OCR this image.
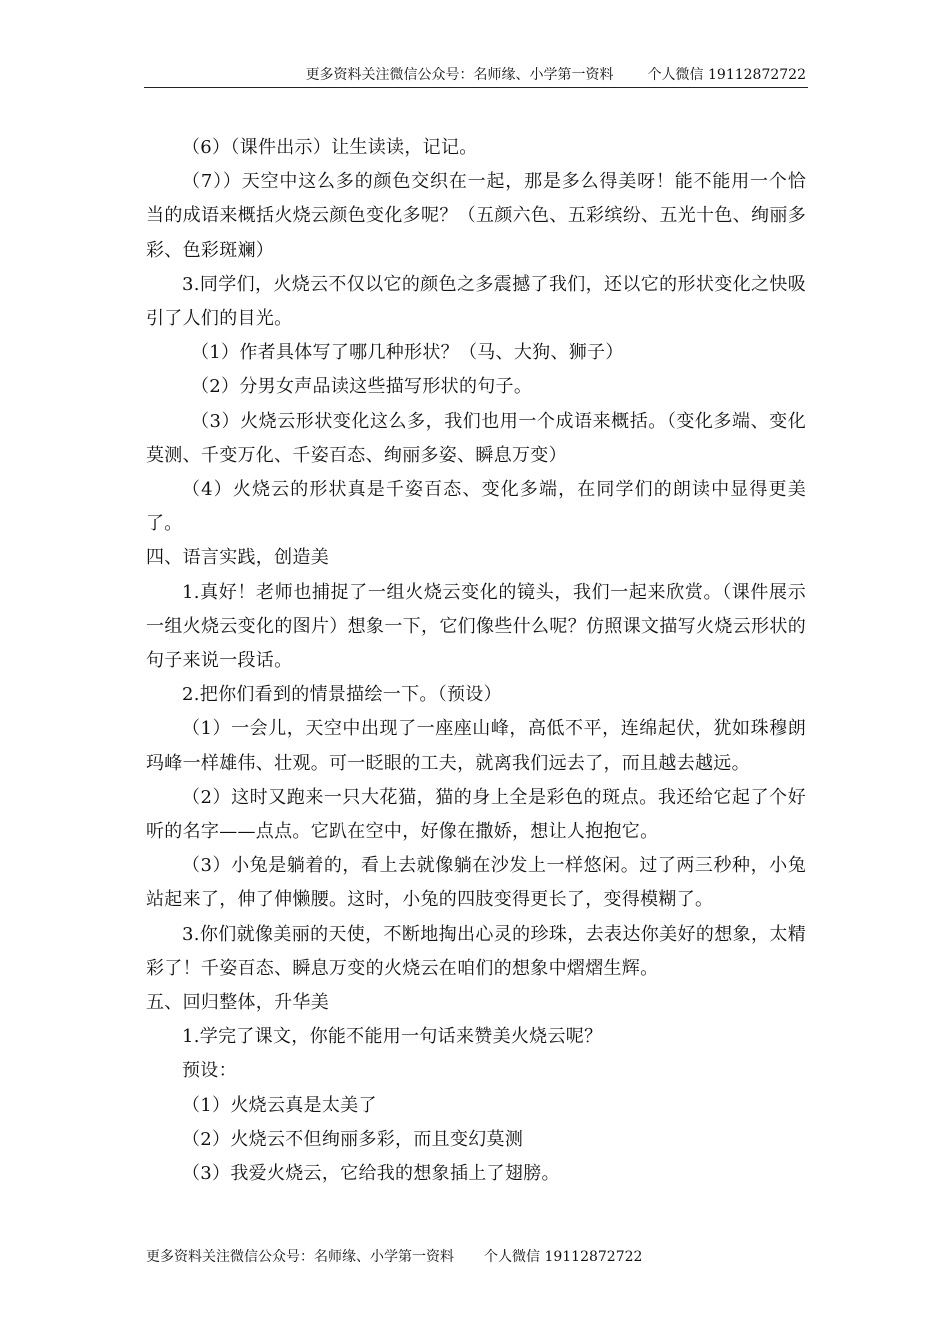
更多资料关注微信公众号：名师缘、小学第一资料 个人微信 19112872722

（6）（课件出示）让生读读，记记。

（7））天空中这么多的颜色交织在一起，那是多么得美呀！能不能用一个恰当的成语来概括火烧云颜色变化多呢？（五颜六色、五彩缤纷、五光十色、绚丽多彩、色彩斑斓）

3.同学们，火烧云不仅以它的颜色之多震撼了我们，还以它的形状变化之快吸引了人们的目光。

（1）作者具体写了哪几种形状？（马、大狗、狮子）

（2）分男女声品读这些描写形状的句子。

（3）火烧云形状变化这么多，我们也用一个成语来概括。（变化多端、变化莫测、千变万化、千姿百态、绚丽多姿、瞬息万变）

（4）火烧云的形状真是千姿百态、变化多端，在同学们的朗读中显得更美了。

四、语言实践，创造美

1.真好！老师也捕捉了一组火烧云变化的镜头，我们一起来欣赏。（课件展示一组火烧云变化的图片）想象一下，它们像些什么呢？仿照课文描写火烧云形状的句子来说一段话。

2.把你们看到的情景描绘一下。（预设）

（1）一会儿，天空中出现了一座座山峰，高低不平，连绵起伏，犹如珠穆朗玛峰一样雄伟、壮观。可一眨眼的工夫，就离我们远去了，而且越去越远。

（2）这时又跑来一只大花猫，猫的身上全是彩色的斑点。我还给它起了个好听的名字——点点。它趴在空中，好像在撒娇，想让人抱抱它。

（3）小兔是躺着的，看上去就像躺在沙发上一样悠闲。过了两三秒种，小兔站起来了，伸了伸懒腰。这时，小兔的四肢变得更长了，变得模糊了。

3.你们就像美丽的天使，不断地掏出心灵的珍珠，去表达你美好的想象，太精彩了！千姿百态、瞬息万变的火烧云在咱们的想象中熠熠生辉。

五、回归整体，升华美

1.学完了课文，你能不能用一句话来赞美火烧云呢？

预设：

（1）火烧云真是太美了

（2）火烧云不但绚丽多彩，而且变幻莫测

（3）我爱火烧云，它给我的想象插上了翅膀。

更多资料关注微信公众号：名师缘、小学第一资料 个人微信 19112872722
